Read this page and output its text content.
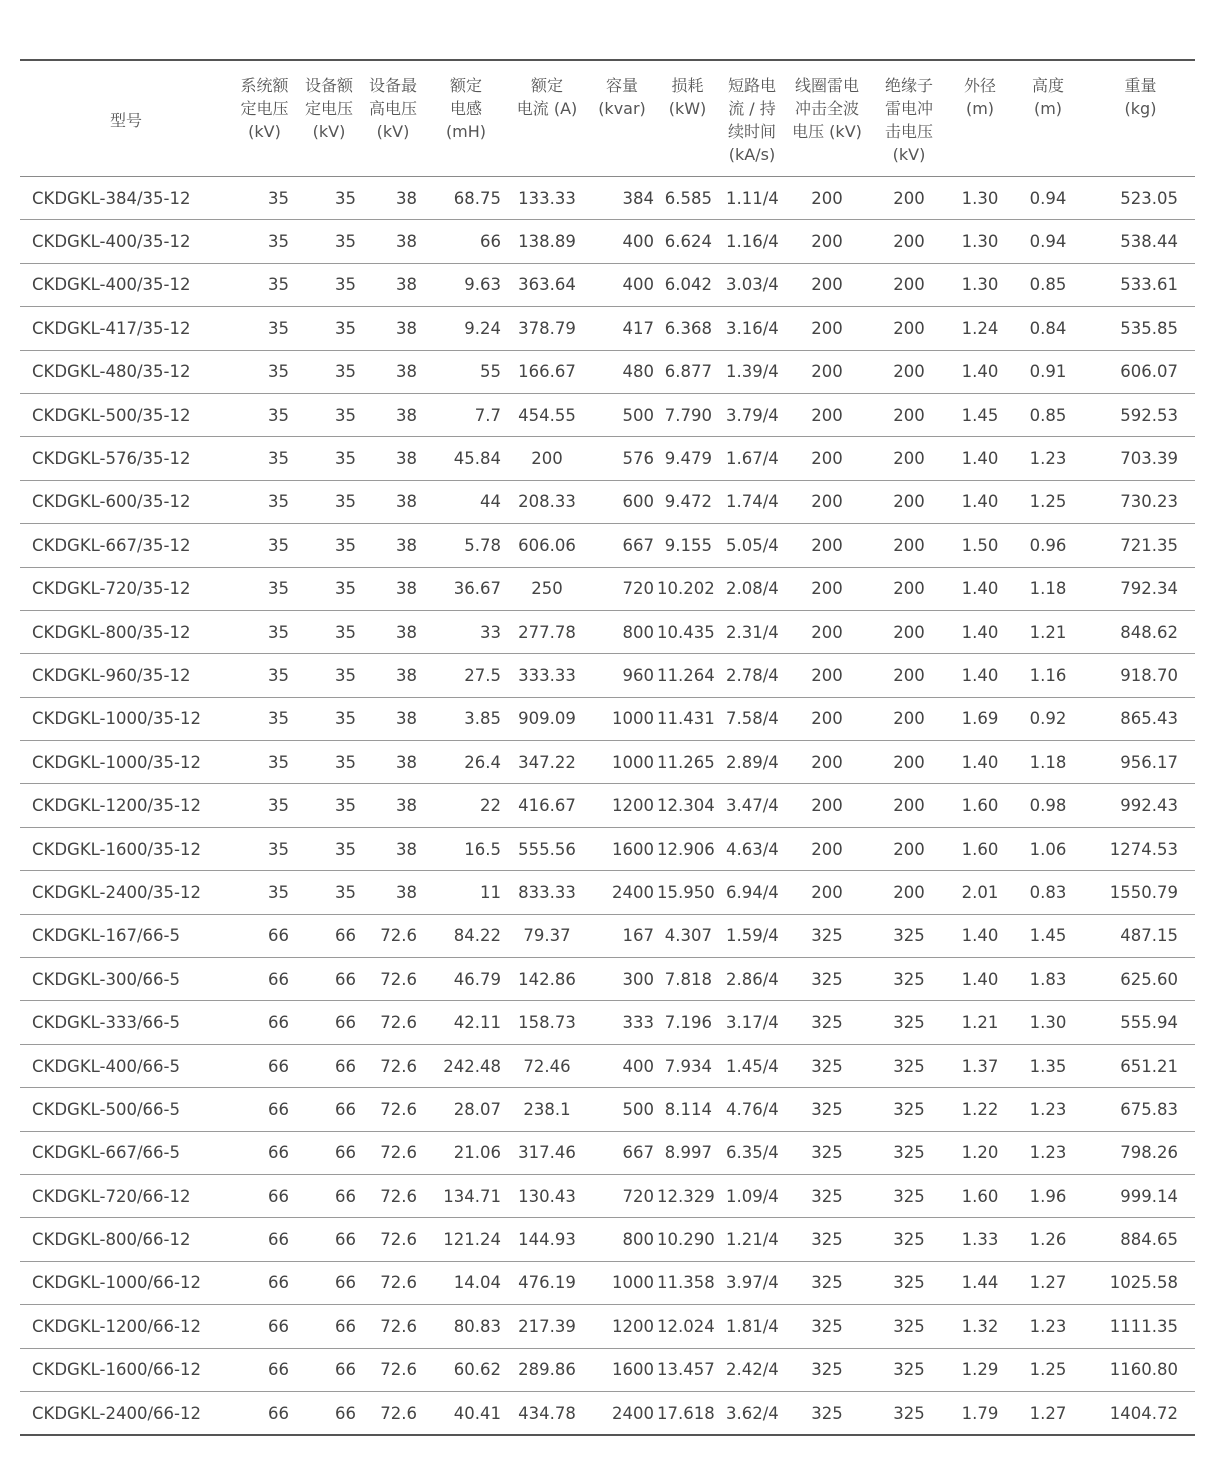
型号	系统额
定电压
(kV)	设备额
定电压
(kV)	设备最
高电压
(kV)	额定
电感
(mH)	额定
电流 (A)	容量
(kvar)	损耗
(kW)	短路电
流 / 持
续时间
(kA/s)	线圈雷电
冲击全波
电压 (kV)	绝缘子
雷电冲
击电压
(kV)	外径
(m)	高度
(m)	重量
(kg)

CKDGKL-384/35-12	35	35	38	68.75	133.33	384	6.585	1.11/4	200	200	1.30	0.94	523.05
CKDGKL-400/35-12	35	35	38	66	138.89	400	6.624	1.16/4	200	200	1.30	0.94	538.44
CKDGKL-400/35-12	35	35	38	9.63	363.64	400	6.042	3.03/4	200	200	1.30	0.85	533.61
CKDGKL-417/35-12	35	35	38	9.24	378.79	417	6.368	3.16/4	200	200	1.24	0.84	535.85
CKDGKL-480/35-12	35	35	38	55	166.67	480	6.877	1.39/4	200	200	1.40	0.91	606.07
CKDGKL-500/35-12	35	35	38	7.7	454.55	500	7.790	3.79/4	200	200	1.45	0.85	592.53
CKDGKL-576/35-12	35	35	38	45.84	200	576	9.479	1.67/4	200	200	1.40	1.23	703.39
CKDGKL-600/35-12	35	35	38	44	208.33	600	9.472	1.74/4	200	200	1.40	1.25	730.23
CKDGKL-667/35-12	35	35	38	5.78	606.06	667	9.155	5.05/4	200	200	1.50	0.96	721.35
CKDGKL-720/35-12	35	35	38	36.67	250	720	10.202	2.08/4	200	200	1.40	1.18	792.34
CKDGKL-800/35-12	35	35	38	33	277.78	800	10.435	2.31/4	200	200	1.40	1.21	848.62
CKDGKL-960/35-12	35	35	38	27.5	333.33	960	11.264	2.78/4	200	200	1.40	1.16	918.70
CKDGKL-1000/35-12	35	35	38	3.85	909.09	1000	11.431	7.58/4	200	200	1.69	0.92	865.43
CKDGKL-1000/35-12	35	35	38	26.4	347.22	1000	11.265	2.89/4	200	200	1.40	1.18	956.17
CKDGKL-1200/35-12	35	35	38	22	416.67	1200	12.304	3.47/4	200	200	1.60	0.98	992.43
CKDGKL-1600/35-12	35	35	38	16.5	555.56	1600	12.906	4.63/4	200	200	1.60	1.06	1274.53
CKDGKL-2400/35-12	35	35	38	11	833.33	2400	15.950	6.94/4	200	200	2.01	0.83	1550.79
CKDGKL-167/66-5	66	66	72.6	84.22	79.37	167	4.307	1.59/4	325	325	1.40	1.45	487.15
CKDGKL-300/66-5	66	66	72.6	46.79	142.86	300	7.818	2.86/4	325	325	1.40	1.83	625.60
CKDGKL-333/66-5	66	66	72.6	42.11	158.73	333	7.196	3.17/4	325	325	1.21	1.30	555.94
CKDGKL-400/66-5	66	66	72.6	242.48	72.46	400	7.934	1.45/4	325	325	1.37	1.35	651.21
CKDGKL-500/66-5	66	66	72.6	28.07	238.1	500	8.114	4.76/4	325	325	1.22	1.23	675.83
CKDGKL-667/66-5	66	66	72.6	21.06	317.46	667	8.997	6.35/4	325	325	1.20	1.23	798.26
CKDGKL-720/66-12	66	66	72.6	134.71	130.43	720	12.329	1.09/4	325	325	1.60	1.96	999.14
CKDGKL-800/66-12	66	66	72.6	121.24	144.93	800	10.290	1.21/4	325	325	1.33	1.26	884.65
CKDGKL-1000/66-12	66	66	72.6	14.04	476.19	1000	11.358	3.97/4	325	325	1.44	1.27	1025.58
CKDGKL-1200/66-12	66	66	72.6	80.83	217.39	1200	12.024	1.81/4	325	325	1.32	1.23	1111.35
CKDGKL-1600/66-12	66	66	72.6	60.62	289.86	1600	13.457	2.42/4	325	325	1.29	1.25	1160.80
CKDGKL-2400/66-12	66	66	72.6	40.41	434.78	2400	17.618	3.62/4	325	325	1.79	1.27	1404.72
